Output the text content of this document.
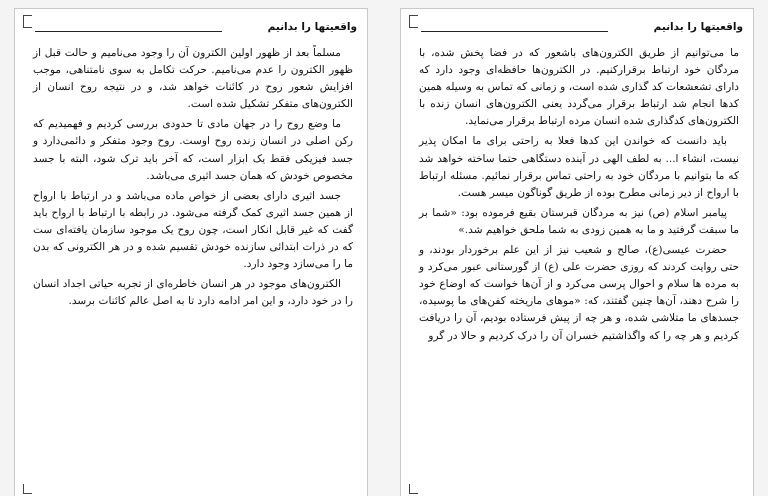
واقعیتها را بدانیم

مسلماً بعد از ظهور اولین الکترون آن را وجود می‌نامیم و حالت قبل از ظهور الکترون را عدم می‌نامیم. حرکت تکامل به سوی نامتناهی، موجب افزایش شعور روح در کائنات خواهد شد، و در نتیجه روح انسان از الکترون‌های متفکر تشکیل شده است.

ما وضع روح را در جهان مادی تا حدودی بررسی کردیم و فهمیدیم که رکن اصلی در انسان زنده روح اوست. روح وجود متفکر و دائمی‌دارد و جسد فیزیکی فقط یک ابزار است، که آخر باید ترک شود، البته با جسد مخصوص خودش که همان جسد اثیری می‌باشد.

جسد اثیری دارای بعضی از خواص ماده می‌باشد و در ارتباط با ارواح از همین جسد اثیری کمک گرفته می‌شود. در رابطه با ارتباط با ارواح باید گفت که غیر قابل انکار است، چون روح یک موجود سازمان یافته‌ای ست که در ذرات ابتدائی سازنده خودش تقسیم شده و در هر الکترونی که بدن ما را می‌سازد وجود دارد.

الکترون‌های موجود در هر انسان خاطره‌ای از تجربه حیاتی اجداد انسان را در خود دارد، و این امر ادامه دارد تا به اصل عالم کائنات برسد.

واقعیتها را بدانیم

ما می‌توانیم از طریق الکترون‌های باشعور که در فضا پخش شده، با مردگان خود ارتباط برقرارکنیم. در الکترون‌ها حافظه‌ای وجود دارد که دارای تشعشعات کد گذاری شده است، و زمانی که تماس به وسیله همین کدها انجام شد ارتباط برقرار می‌گردد یعنی الکترون‌های انسان زنده با الکترون‌های کدگذاری شده انسان مرده ارتباط برقرار می‌نماید.

باید دانست که خواندن این کدها فعلا به راحتی برای ما امکان پذیر نیست، انشاء ا... به لطف الهی در آینده دستگاهی حتما ساخته خواهد شد که ما بتوانیم با مردگان خود به راحتی تماس برقرار نمائیم. مسئله ارتباط با ارواح از دیر زمانی مطرح بوده از طریق گوناگون میسر هست.

پیامبر اسلام (ص) نیز به مردگان قبرستان بقیع فرموده بود: «شما بر ما سبقت گرفتید و ما به همین زودی به شما ملحق خواهیم شد.»

حضرت عیسی(ع)، صالح و شعیب نیز از این علم برخوردار بودند، و حتی روایت کردند که روزی حضرت علی (ع) از گورستانی عبور می‌کرد و به مرده ها سلام و احوال پرسی می‌کرد و از آن‌ها خواست که اوضاع خود را شرح دهند، آن‌ها چنین گفتند، که: «موهای ماریخته کفن‌های ما پوسیده، جسدهای ما متلاشی شده، و هر چه از پیش فرستاده بودیم، آن را دریافت کردیم و هر چه را که واگذاشتیم خسران آن را درک کردیم و حالا در گرو
